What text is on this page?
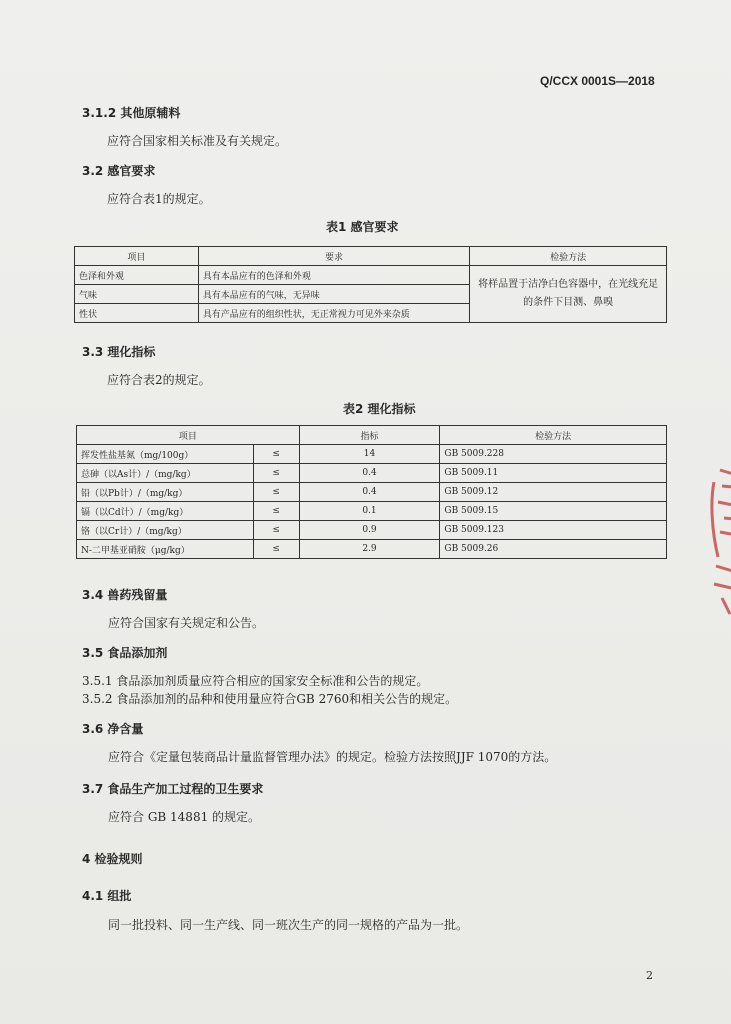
Q/CCX 0001S—2018
3.1.2 其他原辅料
应符合国家相关标准及有关规定。
3.2 感官要求
应符合表1的规定。
表1 感官要求
项目	要求	检验方法
色泽和外观	具有本品应有的色泽和外观	将样品置于洁净白色容器中，在光线充足的条件下目测、鼻嗅
气味	具有本品应有的气味，无异味	
性状	具有产品应有的组织性状，无正常视力可见外来杂质	
3.3 理化指标
应符合表2的规定。
表2 理化指标
项目		指标	检验方法
挥发性盐基氮（mg/100g）	≤	14	GB 5009.228
总砷（以As计）/（mg/kg）	≤	0.4	GB 5009.11
铅（以Pb计）/（mg/kg）	≤	0.4	GB 5009.12
镉（以Cd计）/（mg/kg）	≤	0.1	GB 5009.15
铬（以Cr计）/（mg/kg）	≤	0.9	GB 5009.123
N-二甲基亚硝胺（μg/kg）	≤	2.9	GB 5009.26
3.4 兽药残留量
应符合国家有关规定和公告。
3.5 食品添加剂
3.5.1 食品添加剂质量应符合相应的国家安全标准和公告的规定。
3.5.2 食品添加剂的品种和使用量应符合GB 2760和相关公告的规定。
3.6 净含量
应符合《定量包装商品计量监督管理办法》的规定。检验方法按照JJF 1070的方法。
3.7 食品生产加工过程的卫生要求
应符合 GB 14881 的规定。
4 检验规则
4.1 组批
同一批投料、同一生产线、同一班次生产的同一规格的产品为一批。
2
